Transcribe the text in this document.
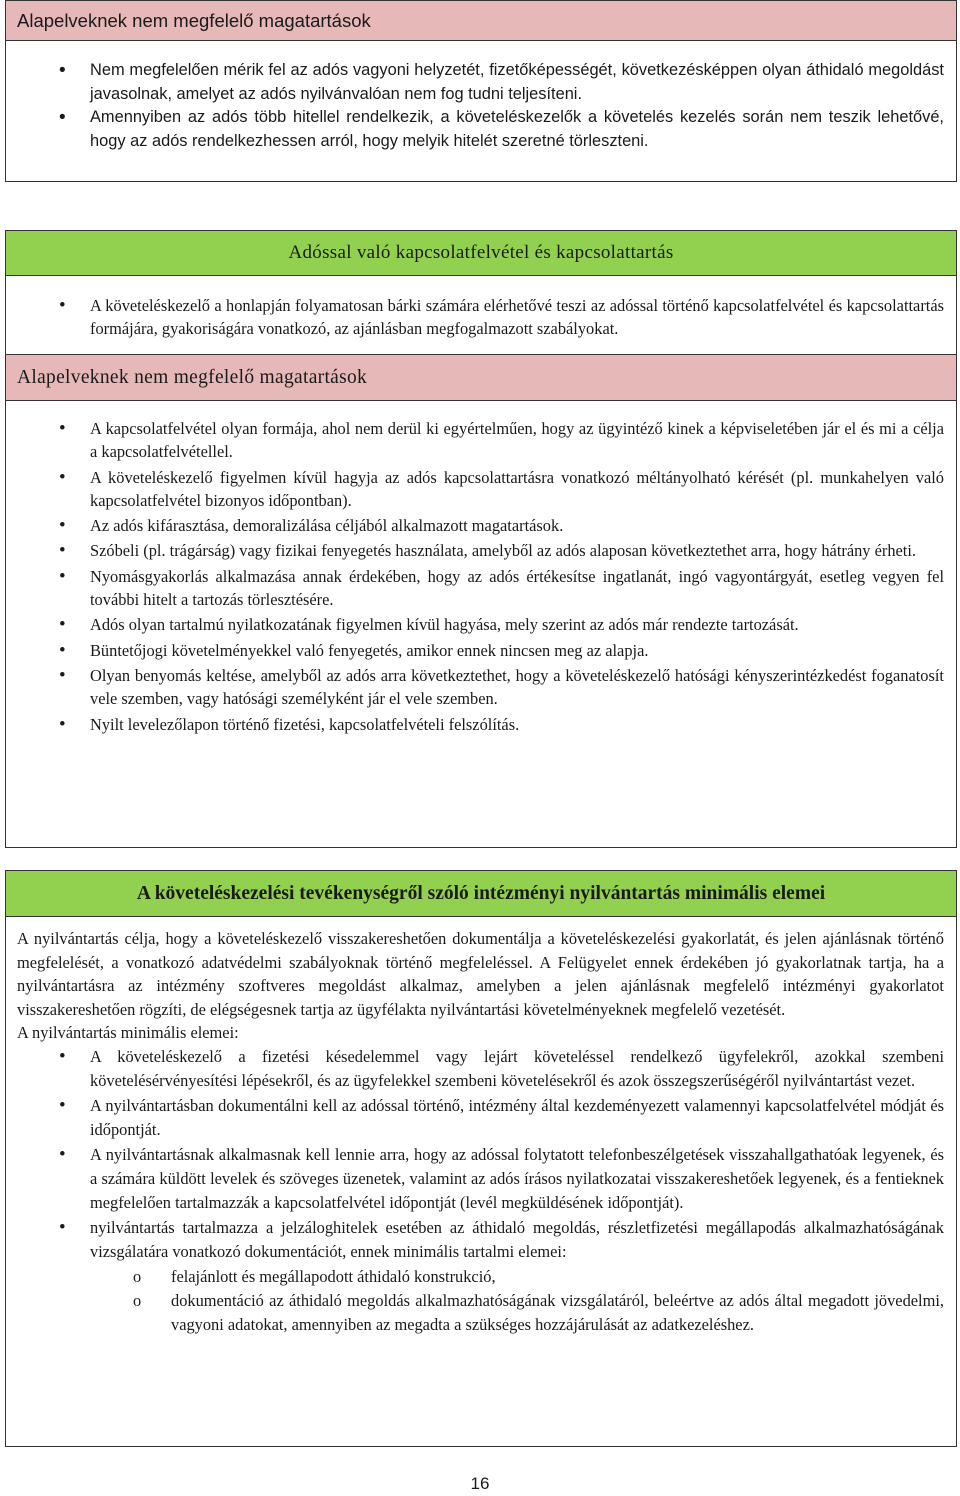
Alapelveknek nem megfelelő magatartások
• Nem megfelelően mérik fel az adós vagyoni helyzetét, fizetőképességét, következésképpen olyan áthidaló megoldást javasolnak, amelyet az adós nyilvánvalóan nem fog tudni teljesíteni.
• Amennyiben az adós több hitellel rendelkezik, a követeléskezelők a követelés kezelés során nem teszik lehetővé, hogy az adós rendelkezhessen arról, hogy melyik hitelét szeretné törleszteni.
Adóssal való kapcsolatfelvétel és kapcsolattartás
• A követeléskezelő a honlapján folyamatosan bárki számára elérhetővé teszi az adóssal történő kapcsolatfelvétel és kapcsolattartás formájára, gyakoriságára vonatkozó, az ajánlásban megfogalmazott szabályokat.
Alapelveknek nem megfelelő magatartások
• A kapcsolatfelvétel olyan formája, ahol nem derül ki egyértelműen, hogy az ügyintéző kinek a képviseletében jár el és mi a célja a kapcsolatfelvétellel.
• A követeléskezelő figyelmen kívül hagyja az adós kapcsolattartásra vonatkozó méltányolható kérését (pl. munkahelyen való kapcsolatfelvétel bizonyos időpontban).
• Az adós kifárasztása, demoralizálása céljából alkalmazott magatartások.
• Szóbeli (pl. trágárság) vagy fizikai fenyegetés használata, amelyből az adós alaposan következtethet arra, hogy hátrány érheti.
• Nyomásgyakorlás alkalmazása annak érdekében, hogy az adós értékesítse ingatlanát, ingó vagyontárgyát, esetleg vegyen fel további hitelt a tartozás törlesztésére.
• Adós olyan tartalmú nyilatkozatának figyelmen kívül hagyása, mely szerint az adós már rendezte tartozását.
• Büntetőjogi követelményekkel való fenyegetés, amikor ennek nincsen meg az alapja.
• Olyan benyomás keltése, amelyből az adós arra következtethet, hogy a követeléskezelő hatósági kényszerintézkedést foganatosít vele szemben, vagy hatósági személyként jár el vele szemben.
• Nyilt levelezőlapon történő fizetési, kapcsolatfelvételi felszólítás.
A követeléskezelési tevékenységről szóló intézményi nyilvántartás minimális elemei

A nyilvántartás célja, hogy a követeléskezelő visszakereshetően dokumentálja a követeléskezelési gyakorlatát, és jelen ajánlásnak történő megfelelését, a vonatkozó adatvédelmi szabályoknak történő megfeleléssel. A Felügyelet ennek érdekében jó gyakorlatnak tartja, ha a nyilvántartásra az intézmény szoftveres megoldást alkalmaz, amelyben a jelen ajánlásnak megfelelő intézményi gyakorlatot visszakereshetően rögzíti, de elégségesnek tartja az ügyfélakta nyilvántartási követelményeknek megfelelő vezetését.

A nyilvántartás minimális elemei:

• A követeléskezelő a fizetési késedelemmel vagy lejárt követeléssel rendelkező ügyfelekről, azokkal szembeni követelésérvényesítési lépésekről, és az ügyfelekkel szembeni követelésekről és azok összegszerűségéről nyilvántartást vezet.
• A nyilvántartásban dokumentálni kell az adóssal történő, intézmény által kezdeményezett valamennyi kapcsolatfelvétel módját és időpontját.
• A nyilvántartásnak alkalmasnak kell lennie arra, hogy az adóssal folytatott telefonbeszélgetések visszahallgathatóak legyenek, és a számára küldött levelek és szöveges üzenetek, valamint az adós írásos nyilatkozatai visszakereshetőek legyenek, és a fentieknek megfelelően tartalmazzák a kapcsolatfelvétel időpontját (levél megküldésének időpontját).
• nyilvántartás tartalmazza a jelzáloghitelek esetében az áthidaló megoldás, részletfizetési megállapodás alkalmazhatóságának vizsgálatára vonatkozó dokumentációt, ennek minimális tartalmi elemei:
o felajánlott és megállapodott áthidaló konstrukció,
o dokumentáció az áthidaló megoldás alkalmazhatóságának vizsgálatáról, beleértve az adós által megadott jövedelmi, vagyoni adatokat, amennyiben az megadta a szükséges hozzájárulását az adatkezeléshez.
16
